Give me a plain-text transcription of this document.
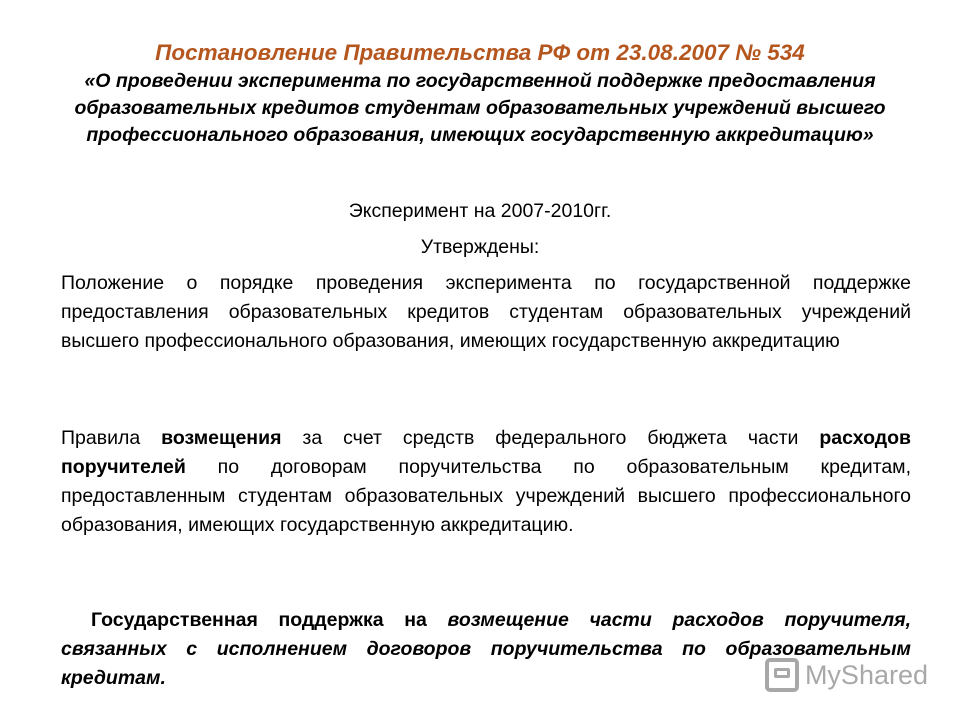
Постановление Правительства РФ от 23.08.2007 № 534
«О проведении эксперимента по государственной поддержке предоставления образовательных кредитов студентам образовательных учреждений высшего профессионального образования, имеющих государственную аккредитацию»
Эксперимент на 2007-2010гг.
Утверждены:
Положение о порядке проведения эксперимента по государственной поддержке предоставления образовательных кредитов студентам образовательных учреждений высшего профессионального образования, имеющих государственную аккредитацию
Правила возмещения за счет средств федерального бюджета части расходов поручителей по договорам поручительства по образовательным кредитам, предоставленным студентам образовательных учреждений высшего профессионального образования, имеющих государственную аккредитацию.
Государственная поддержка на возмещение части расходов поручителя, связанных с исполнением договоров поручительства по образовательным кредитам.	MyShared
